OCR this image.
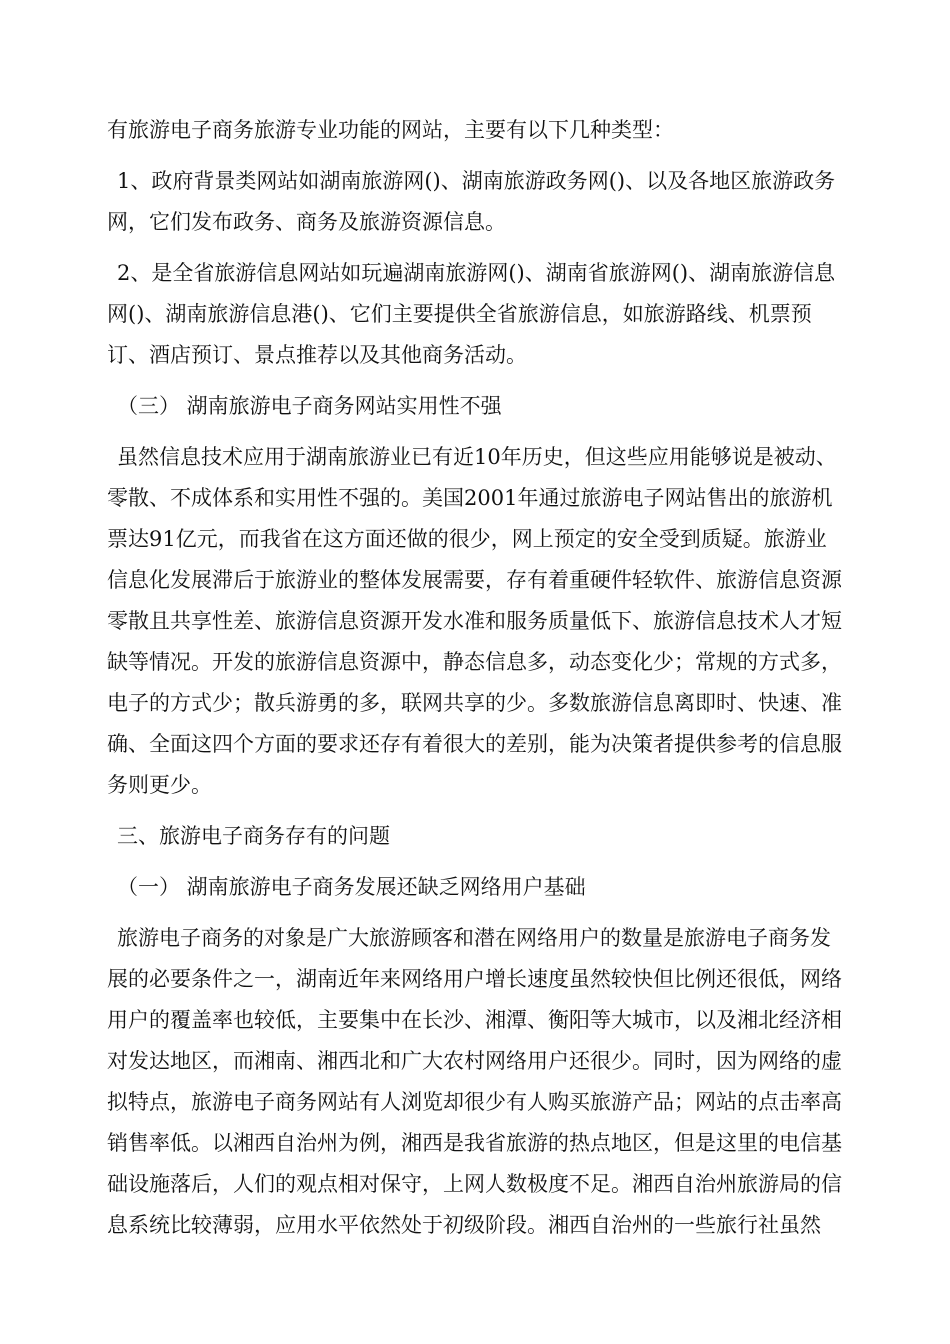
有旅游电子商务旅游专业功能的网站，主要有以下几种类型：

1、政府背景类网站如湖南旅游网()、湖南旅游政务网()、以及各地区旅游政务网，它们发布政务、商务及旅游资源信息。

2、是全省旅游信息网站如玩遍湖南旅游网()、湖南省旅游网()、湖南旅游信息网()、湖南旅游信息港()、它们主要提供全省旅游信息，如旅游路线、机票预订、酒店预订、景点推荐以及其他商务活动。

（三） 湖南旅游电子商务网站实用性不强

虽然信息技术应用于湖南旅游业已有近10年历史，但这些应用能够说是被动、零散、不成体系和实用性不强的。美国2001年通过旅游电子网站售出的旅游机票达91亿元，而我省在这方面还做的很少，网上预定的安全受到质疑。旅游业信息化发展滞后于旅游业的整体发展需要，存有着重硬件轻软件、旅游信息资源零散且共享性差、旅游信息资源开发水准和服务质量低下、旅游信息技术人才短缺等情况。开发的旅游信息资源中，静态信息多，动态变化少；常规的方式多，电子的方式少；散兵游勇的多，联网共享的少。多数旅游信息离即时、快速、准确、全面这四个方面的要求还存有着很大的差别，能为决策者提供参考的信息服务则更少。

三、旅游电子商务存有的问题

（一） 湖南旅游电子商务发展还缺乏网络用户基础

旅游电子商务的对象是广大旅游顾客和潜在网络用户的数量是旅游电子商务发展的必要条件之一，湖南近年来网络用户增长速度虽然较快但比例还很低，网络用户的覆盖率也较低，主要集中在长沙、湘潭、衡阳等大城市，以及湘北经济相对发达地区，而湘南、湘西北和广大农村网络用户还很少。同时，因为网络的虚拟特点，旅游电子商务网站有人浏览却很少有人购买旅游产品；网站的点击率高销售率低。以湘西自治州为例，湘西是我省旅游的热点地区，但是这里的电信基础设施落后，人们的观点相对保守，上网人数极度不足。湘西自治州旅游局的信息系统比较薄弱，应用水平依然处于初级阶段。湘西自治州的一些旅行社虽然
